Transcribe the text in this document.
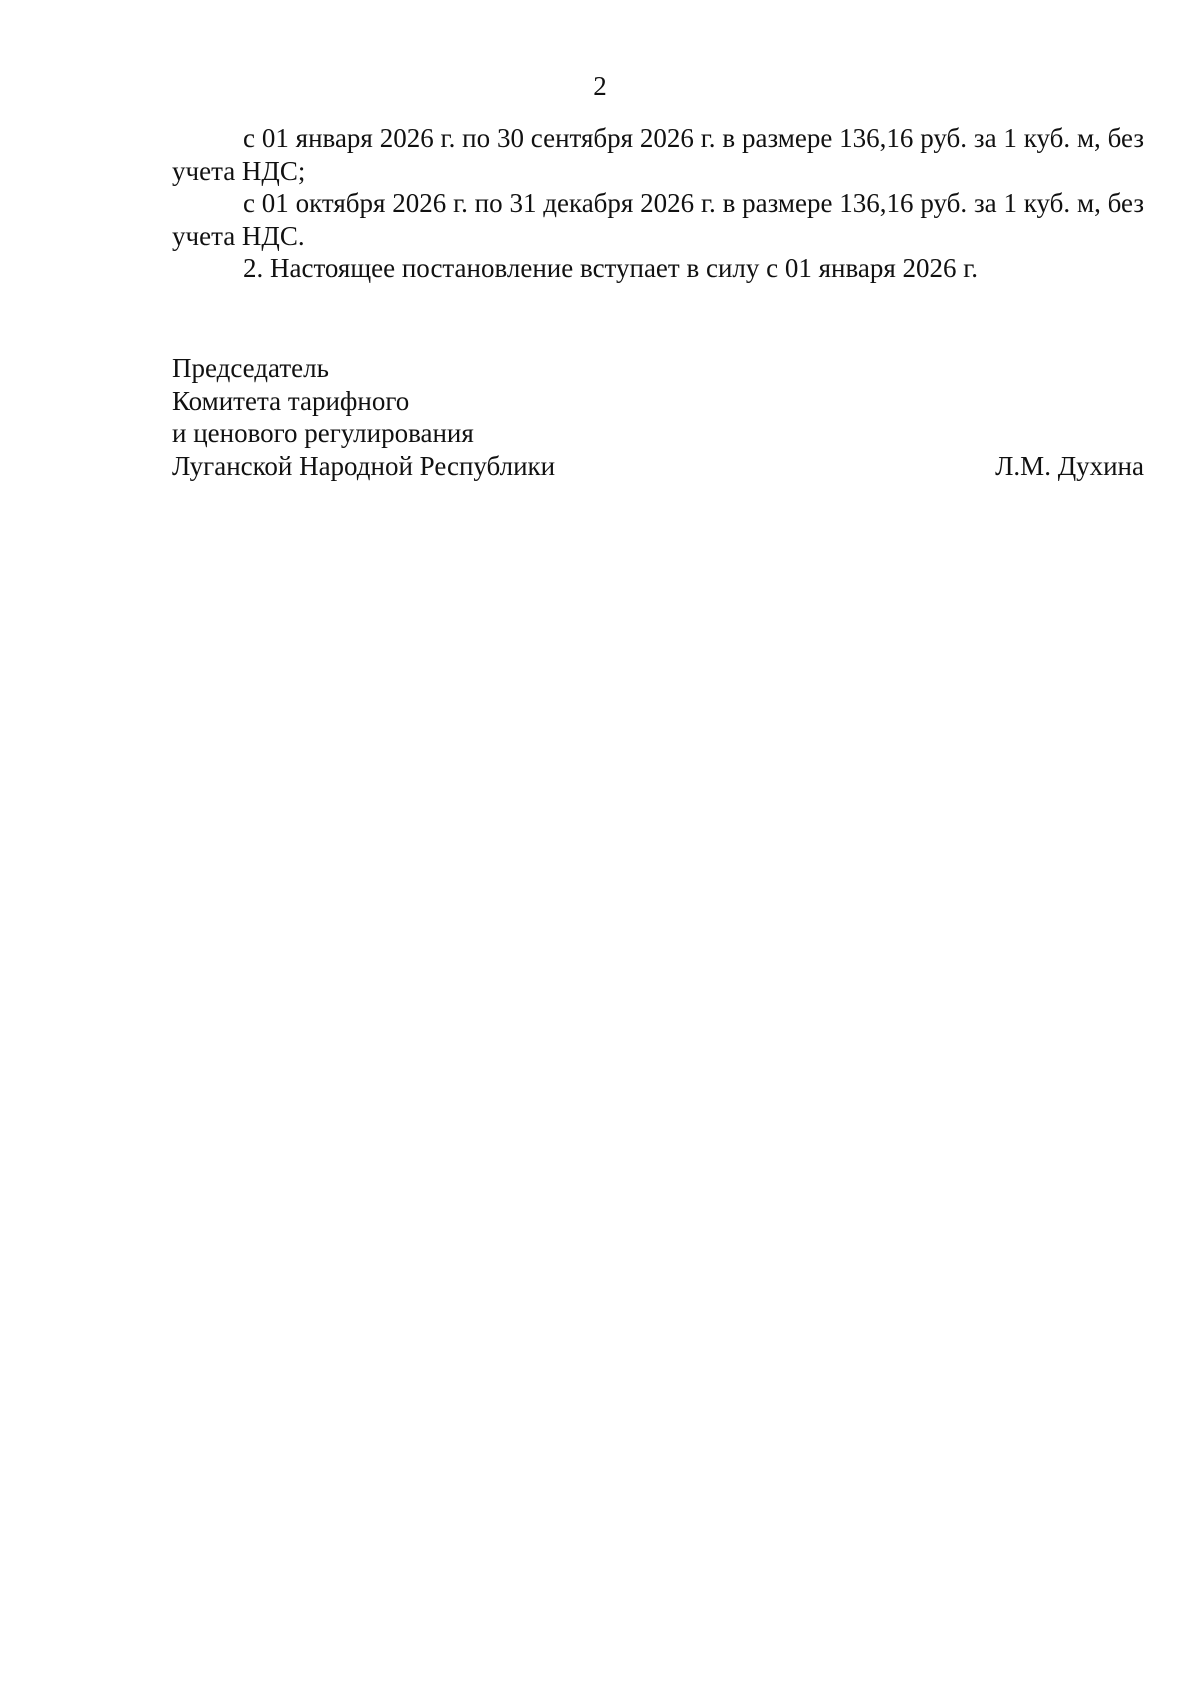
2

с 01 января 2026 г. по 30 сентября 2026 г. в размере 136,16 руб. за 1 куб. м, без учета НДС;

с 01 октября 2026 г. по 31 декабря 2026 г. в размере 136,16 руб. за 1 куб. м, без учета НДС.

2. Настоящее постановление вступает в силу с 01 января 2026 г.

Председатель
Комитета тарифного
и ценового регулирования
Луганской Народной Республики	Л.М. Духина
